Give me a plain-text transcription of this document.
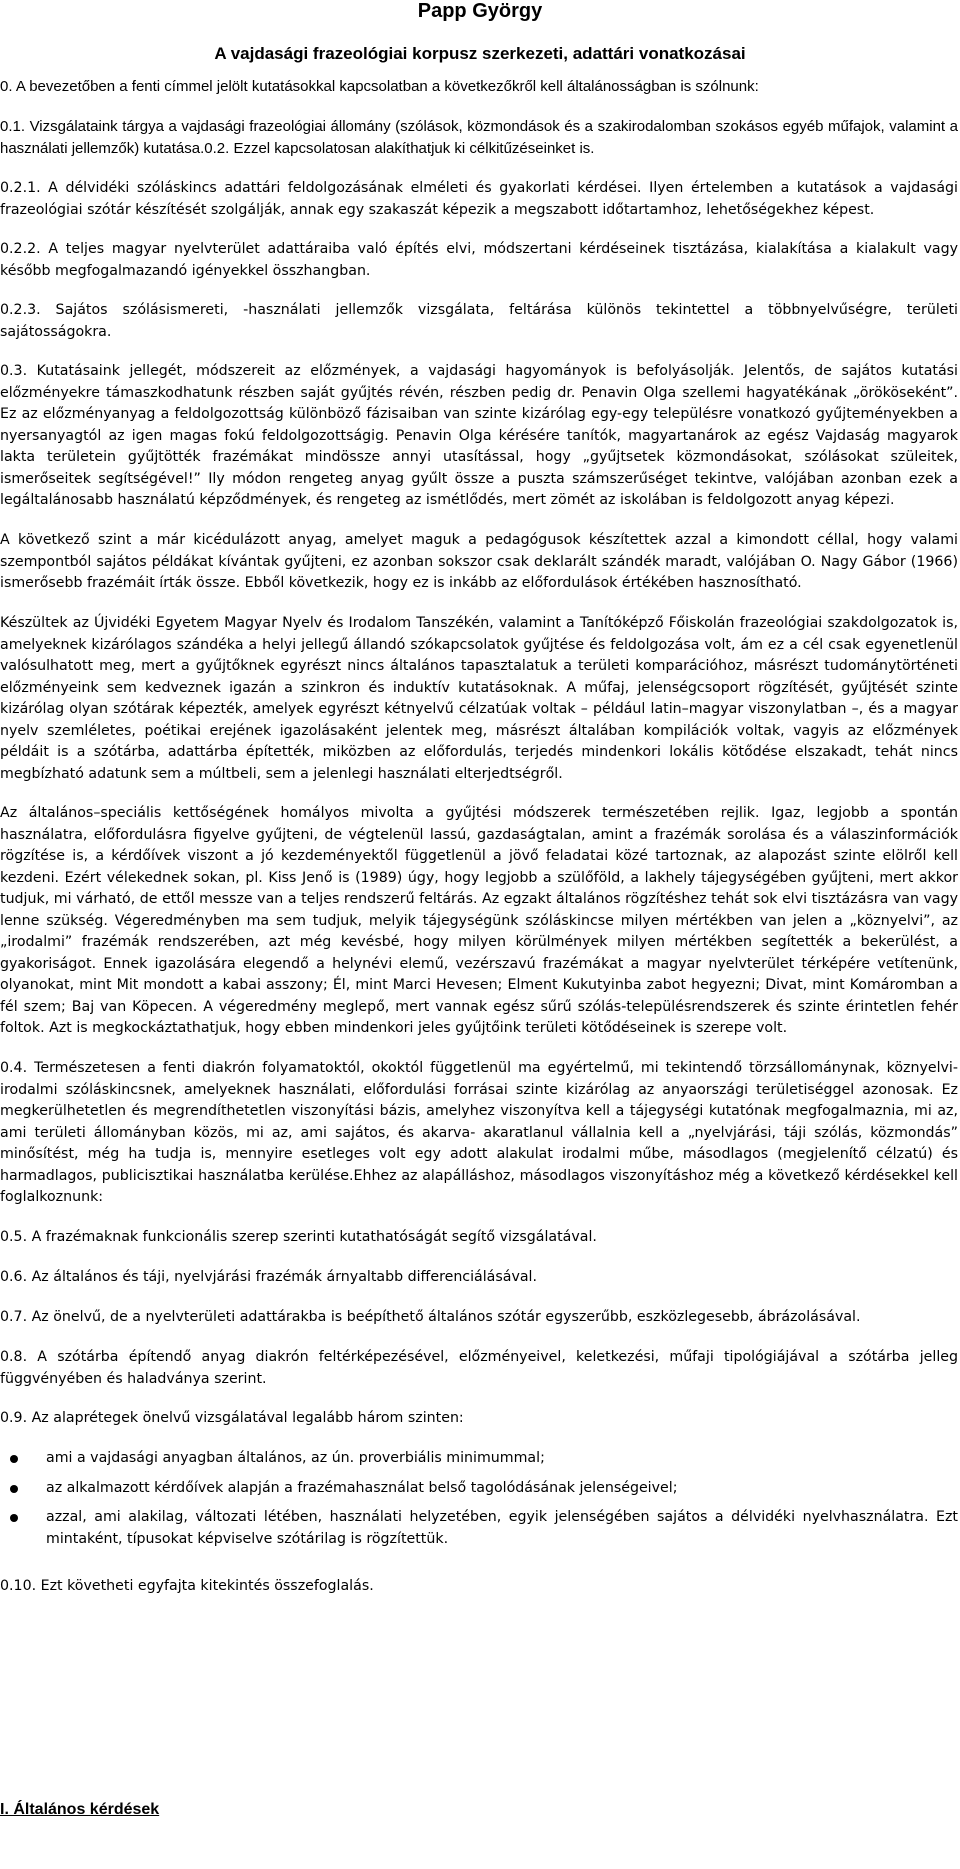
Papp György
A vajdasági frazeológiai korpusz szerkezeti, adattári vonatkozásai

0. A bevezetőben a fenti címmel jelölt kutatásokkal kapcsolatban a következőkről kell általánosságban is szólnunk:

0.1. Vizsgálataink tárgya a vajdasági frazeológiai állomány (szólások, közmondások és a szakirodalomban szokásos egyéb műfajok, valamint a használati jellemzők) kutatása.0.2. Ezzel kapcsolatosan alakíthatjuk ki célkitűzéseinket is.

0.2.1. A délvidéki szóláskincs adattári feldolgozásának elméleti és gyakorlati kérdései. Ilyen értelemben a kutatások a vajdasági frazeológiai szótár készítését szolgálják, annak egy szakaszát képezik a megszabott időtartamhoz, lehetőségekhez képest.

0.2.2. A teljes magyar nyelvterület adattáraiba való építés elvi, módszertani kérdéseinek tisztázása, kialakítása a kialakult vagy később megfogalmazandó igényekkel összhangban.

0.2.3. Sajátos szólásismereti, -használati jellemzők vizsgálata, feltárása különös tekintettel a többnyelvűségre, területi sajátosságokra.

0.3. Kutatásaink jellegét, módszereit az előzmények, a vajdasági hagyományok is befolyásolják. Jelentős, de sajátos kutatási előzményekre támaszkodhatunk részben saját gyűjtés révén, részben pedig dr. Penavin Olga szellemi hagyatékának „örököseként”. Ez az előzményanyag a feldolgozottság különböző fázisaiban van szinte kizárólag egy-egy településre vonatkozó gyűjteményekben a nyersanyagtól az igen magas fokú feldolgozottságig. Penavin Olga kérésére tanítók, magyartanárok az egész Vajdaság magyarok lakta területein gyűjtötték frazémákat mindössze annyi utasítással, hogy „gyűjtsetek közmondásokat, szólásokat szüleitek, ismerőseitek segítségével!” Ily módon rengeteg anyag gyűlt össze a puszta számszerűséget tekintve, valójában azonban ezek a legáltalánosabb használatú képződmények, és rengeteg az ismétlődés, mert zömét az iskolában is feldolgozott anyag képezi.

A következő szint a már kicédulázott anyag, amelyet maguk a pedagógusok készítettek azzal a kimondott céllal, hogy valami szempontból sajátos példákat kívántak gyűjteni, ez azonban sokszor csak deklarált szándék maradt, valójában O. Nagy Gábor (1966) ismerősebb frazémáit írták össze. Ebből következik, hogy ez is inkább az előfordulások értékében hasznosítható.

Készültek az Újvidéki Egyetem Magyar Nyelv és Irodalom Tanszékén, valamint a Tanítóképző Főiskolán frazeológiai szakdolgozatok is, amelyeknek kizárólagos szándéka a helyi jellegű állandó szókapcsolatok gyűjtése és feldolgozása volt, ám ez a cél csak egyenetlenül valósulhatott meg, mert a gyűjtőknek egyrészt nincs általános tapasztalatuk a területi komparációhoz, másrészt tudománytörténeti előzményeink sem kedveznek igazán a szinkron és induktív kutatásoknak. A műfaj, jelenségcsoport rögzítését, gyűjtését szinte kizárólag olyan szótárak képezték, amelyek egyrészt kétnyelvű célzatúak voltak – például latin–magyar viszonylatban –, és a magyar nyelv szemléletes, poétikai erejének igazolásaként jelentek meg, másrészt általában kompilációk voltak, vagyis az előzmények példáit is a szótárba, adattárba építették, miközben az előfordulás, terjedés mindenkori lokális kötődése elszakadt, tehát nincs megbízható adatunk sem a múltbeli, sem a jelenlegi használati elterjedtségről.

Az általános–speciális kettőségének homályos mivolta a gyűjtési módszerek természetében rejlik. Igaz, legjobb a spontán használatra, előfordulásra figyelve gyűjteni, de végtelenül lassú, gazdaságtalan, amint a frazémák sorolása és a válaszinformációk rögzítése is, a kérdőívek viszont a jó kezdeményektől függetlenül a jövő feladatai közé tartoznak, az alapozást szinte elölről kell kezdeni. Ezért vélekednek sokan, pl. Kiss Jenő is (1989) úgy, hogy legjobb a szülőföld, a lakhely tájegységében gyűjteni, mert akkor tudjuk, mi várható, de ettől messze van a teljes rendszerű feltárás. Az egzakt általános rögzítéshez tehát sok elvi tisztázásra van vagy lenne szükség. Végeredményben ma sem tudjuk, melyik tájegységünk szóláskincse milyen mértékben van jelen a „köznyelvi”, az „irodalmi” frazémák rendszerében, azt még kevésbé, hogy milyen körülmények milyen mértékben segítették a bekerülést, a gyakoriságot. Ennek igazolására elegendő a helynévi elemű, vezérszavú frazémákat a magyar nyelvterület térképére vetítenünk, olyanokat, mint Mit mondott a kabai asszony; Él, mint Marci Hevesen; Elment Kukutyinba zabot hegyezni; Divat, mint Komáromban a fél szem; Baj van Köpecen. A végeredmény meglepő, mert vannak egész sűrű szólás-településrendszerek és szinte érintetlen fehér foltok. Azt is megkockáztathatjuk, hogy ebben mindenkori jeles gyűjtőink területi kötődéseinek is szerepe volt.

0.4. Természetesen a fenti diakrón folyamatoktól, okoktól függetlenül ma egyértelmű, mi tekintendő törzsállománynak, köznyelvi-irodalmi szóláskincsnek, amelyeknek használati, előfordulási forrásai szinte kizárólag az anyaországi területiséggel azonosak. Ez megkerülhetetlen és megrendíthetetlen viszonyítási bázis, amelyhez viszonyítva kell a tájegységi kutatónak megfogalmaznia, mi az, ami területi állományban közös, mi az, ami sajátos, és akarva- akaratlanul vállalnia kell a „nyelvjárási, táji szólás, közmondás” minősítést, még ha tudja is, mennyire esetleges volt egy adott alakulat irodalmi műbe, másodlagos (megjelenítő célzatú) és harmadlagos, publicisztikai használatba kerülése.Ehhez az alapálláshoz, másodlagos viszonyításhoz még a következő kérdésekkel kell foglalkoznunk:

0.5. A frazémaknak funkcionális szerep szerinti kutathatóságát segítő vizsgálatával.

0.6. Az általános és táji, nyelvjárási frazémák árnyaltabb differenciálásával.

0.7. Az önelvű, de a nyelvterületi adattárakba is beépíthető általános szótár egyszerűbb, eszközlegesebb, ábrázolásával.

0.8. A szótárba építendő anyag diakrón feltérképezésével, előzményeivel, keletkezési, műfaji tipológiájával a szótárba jelleg függvényében és haladványa szerint.

0.9. Az alaprétegek önelvű vizsgálatával legalább három szinten:

ami a vajdasági anyagban általános, az ún. proverbiális minimummal;
az alkalmazott kérdőívek alapján a frazémahasználat belső tagolódásának jelenségeivel;
azzal, ami alakilag, változati létében, használati helyzetében, egyik jelenségében sajátos a délvidéki nyelvhasználatra. Ezt mintaként, típusokat képviselve szótárilag is rögzítettük.

0.10. Ezt követheti egyfajta kitekintés összefoglalás.

I. Általános kérdések
